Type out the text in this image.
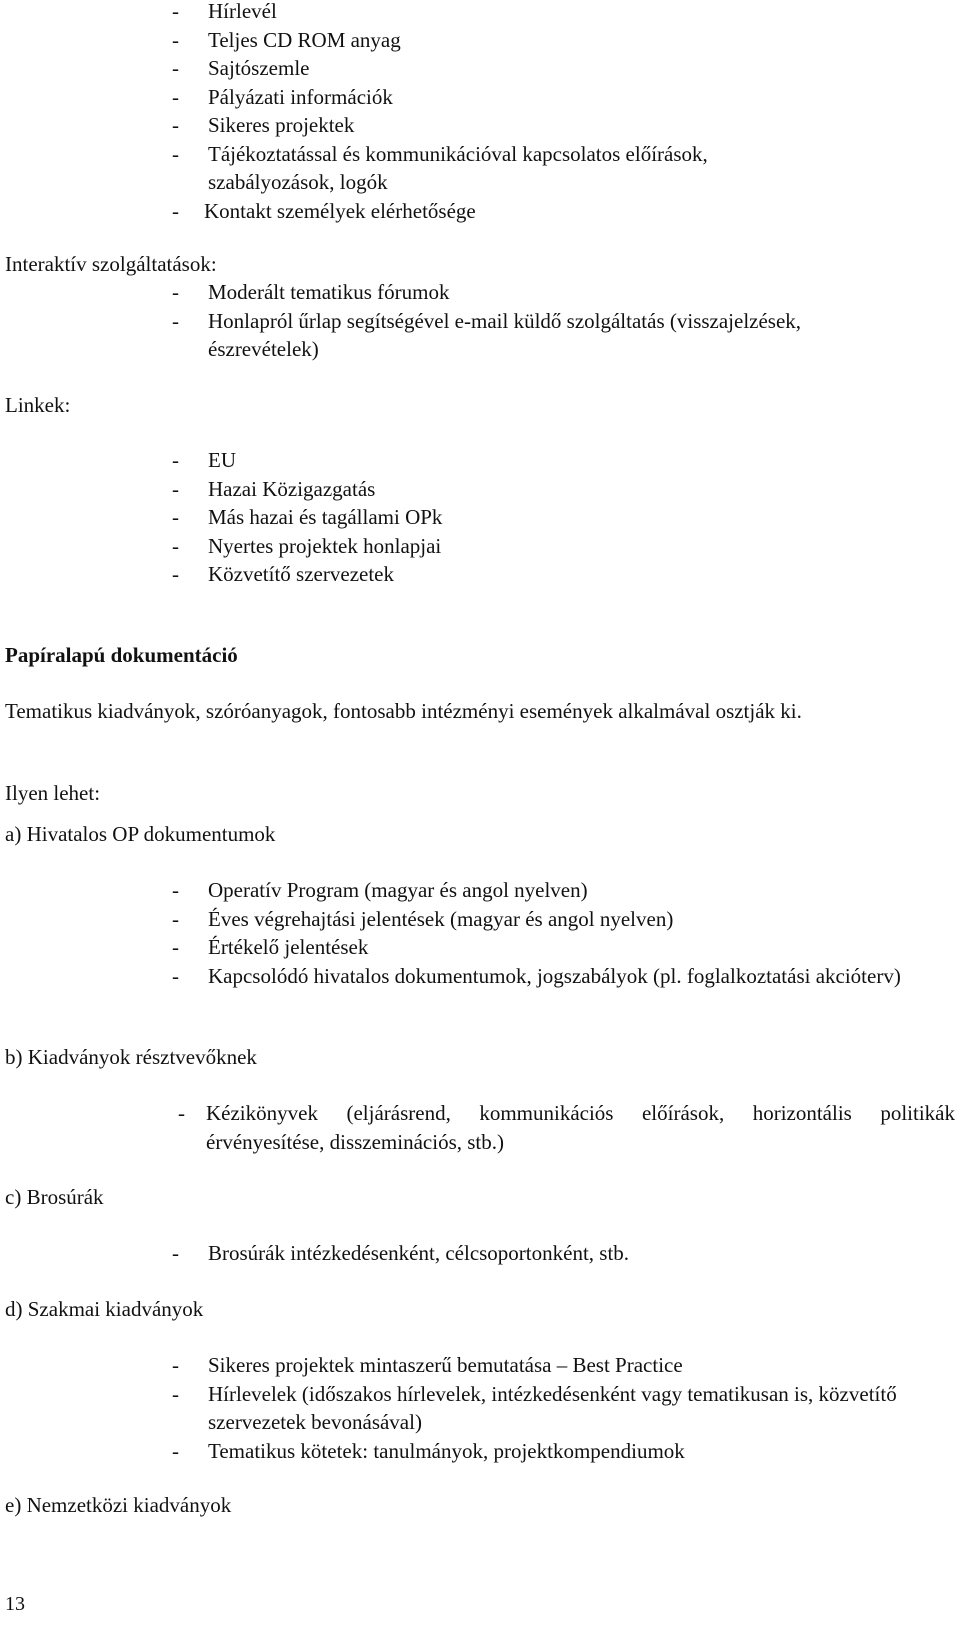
- Hírlevél
- Teljes CD ROM anyag
- Sajtószemle
- Pályázati információk
- Sikeres projektek
- Tájékoztatással és kommunikációval kapcsolatos előírások, szabályozások, logók
- Kontakt személyek elérhetősége
Interaktív szolgáltatások:
- Moderált tematikus fórumok
- Honlapról űrlap segítségével e-mail küldő szolgáltatás (visszajelzések, észrevételek)
Linkek:
- EU
- Hazai Közigazgatás
- Más hazai és tagállami OPk
- Nyertes projektek honlapjai
- Közvetítő szervezetek
Papíralapú dokumentáció
Tematikus kiadványok, szóróanyagok, fontosabb intézményi események alkalmával osztják ki.
Ilyen lehet:
a) Hivatalos OP dokumentumok
- Operatív Program (magyar és angol nyelven)
- Éves végrehajtási jelentések (magyar és angol nyelven)
- Értékelő jelentések
- Kapcsolódó hivatalos dokumentumok, jogszabályok (pl. foglalkoztatási akcióterv)
b) Kiadványok résztvevőknek
- Kézikönyvek (eljárásrend, kommunikációs előírások, horizontális politikák érvényesítése, disszeminációs, stb.)
c) Brosúrák
- Brosúrák intézkedésenként, célcsoportonként, stb.
d) Szakmai kiadványok
- Sikeres projektek mintaszerű bemutatása – Best Practice
- Hírlevelek (időszakos hírlevelek, intézkedésenként vagy tematikusan is, közvetítő szervezetek bevonásával)
- Tematikus kötetek: tanulmányok, projektkompendiumok
e) Nemzetközi kiadványok
13
